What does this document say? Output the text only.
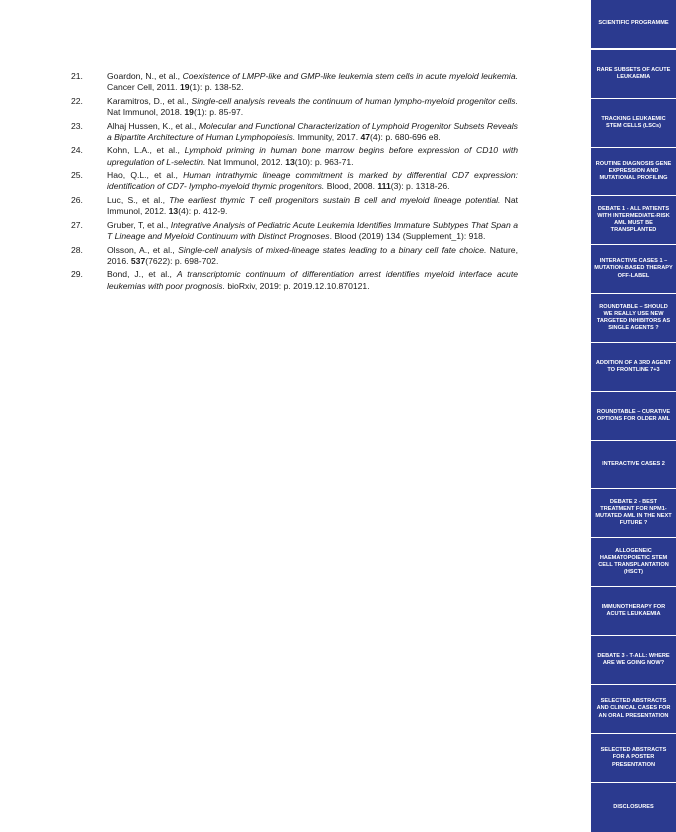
21.	Goardon, N., et al., Coexistence of LMPP-like and GMP-like leukemia stem cells in acute myeloid leukemia. Cancer Cell, 2011. 19(1): p. 138-52.
22.	Karamitros, D., et al., Single-cell analysis reveals the continuum of human lympho-myeloid progenitor cells. Nat Immunol, 2018. 19(1): p. 85-97.
23.	Alhaj Hussen, K., et al., Molecular and Functional Characterization of Lymphoid Progenitor Subsets Reveals a Bipartite Architecture of Human Lymphopoiesis. Immunity, 2017. 47(4): p. 680-696 e8.
24.	Kohn, L.A., et al., Lymphoid priming in human bone marrow begins before expression of CD10 with upregulation of L-selectin. Nat Immunol, 2012. 13(10): p. 963-71.
25.	Hao, Q.L., et al., Human intrathymic lineage commitment is marked by differential CD7 expression: identification of CD7- lympho-myeloid thymic progenitors. Blood, 2008. 111(3): p. 1318-26.
26.	Luc, S., et al., The earliest thymic T cell progenitors sustain B cell and myeloid lineage potential. Nat Immunol, 2012. 13(4): p. 412-9.
27.	Gruber, T, et al., Integrative Analysis of Pediatric Acute Leukemia Identifies Immature Subtypes That Span a T Lineage and Myeloid Continuum with Distinct Prognoses. Blood (2019) 134 (Supplement_1): 918.
28.	Olsson, A., et al., Single-cell analysis of mixed-lineage states leading to a binary cell fate choice. Nature, 2016. 537(7622): p. 698-702.
29.	Bond, J., et al., A transcriptomic continuum of differentiation arrest identifies myeloid interface acute leukemias with poor prognosis. bioRxiv, 2019: p. 2019.12.10.870121.
SCIENTIFIC PROGRAMME
RARE SUBSETS OF ACUTE LEUKAEMIA
TRACKING LEUKAEMIC STEM CELLS (LSCs)
ROUTINE DIAGNOSIS GENE EXPRESSION AND MUTATIONAL PROFILING
DEBATE 1 - ALL PATIENTS WITH INTERMEDIATE-RISK AML MUST BE TRANSPLANTED
INTERACTIVE CASES 1 – MUTATION-BASED THERAPY OFF-LABEL
ROUNDTABLE – SHOULD WE REALLY USE NEW TARGETED INHIBITORS AS SINGLE AGENTS ?
ADDITION OF A 3RD AGENT TO FRONTLINE 7+3
ROUNDTABLE – CURATIVE OPTIONS FOR OLDER AML
INTERACTIVE CASES 2
DEBATE 2 - BEST TREATMENT FOR NPM1-MUTATED AML IN THE NEXT FUTURE ?
ALLOGENEIC HAEMATOPOIETIC STEM CELL TRANSPLANTATION (HSCT)
IMMUNOTHERAPY FOR ACUTE LEUKAEMIA
DEBATE 3 - T-ALL: WHERE ARE WE GOING NOW?
SELECTED ABSTRACTS AND CLINICAL CASES FOR AN ORAL PRESENTATION
SELECTED ABSTRACTS FOR A POSTER PRESENTATION
DISCLOSURES
